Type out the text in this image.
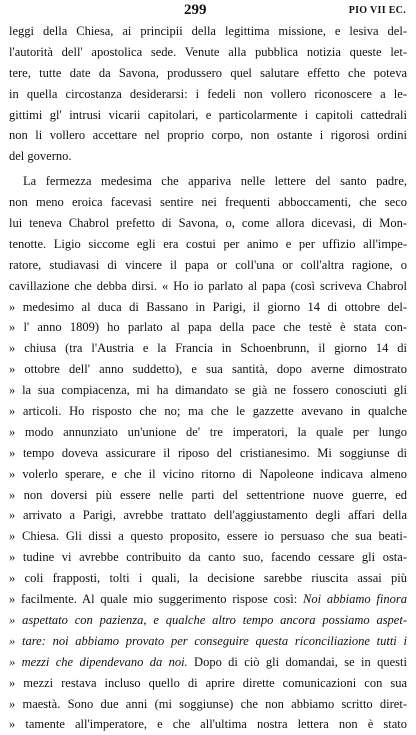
299	PIO VII EC.
leggi della Chiesa, ai principii della legittima missione, e lesiva del-
l'autorità dell' apostolica sede. Venute alla pubblica notizia queste let-
tere, tutte date da Savona, produssero quel salutare effetto che poteva
in quella circostanza desiderarsi: i fedeli non vollero riconoscere a le-
gittimi gl' intrusi vicarii capitolari, e particolarmente i capitoli cattedrali
non li vollero accettare nel proprio corpo, non ostante i rigorosi ordini
del governo.
La fermezza medesima che appariva nelle lettere del santo padre,
non meno eroica facevasi sentire nei frequenti abboccamenti, che seco
lui teneva Chabrol prefetto di Savona, o, come allora dicevasi, di Mon-
tenotte. Ligio siccome egli era costui per animo e per uffizio all'impe-
ratore, studiavasi di vincere il papa or coll'una or coll'altra ragione, o
cavillazione che debba dirsi. « Ho io parlato al papa (così scriveva Chabrol
» medesimo al duca di Bassano in Parigi, il giorno 14 di ottobre del-
» l' anno 1809) ho parlato al papa della pace che testè è stata con-
» chiusa (tra l'Austria e la Francia in Schoenbrunn, il giorno 14 di
» ottobre dell' anno suddetto), e sua santità, dopo averne dimostrato
» la sua compiacenza, mi ha dimandato se già ne fossero conosciuti gli
» articoli. Ho risposto che no; ma che le gazzette avevano in qualche
» modo annunziato un'unione de' tre imperatori, la quale per lungo
» tempo doveva assicurare il riposo del cristianesimo. Mi soggiunse di
» volerlo sperare, e che il vicino ritorno di Napoleone indicava almeno
» non doversi più essere nelle parti del settentrione nuove guerre, ed
» arrivato a Parigi, avrebbe trattato dell'aggiustamento degli affari della
» Chiesa. Gli dissi a questo proposito, essere io persuaso che sua beati-
» tudine vi avrebbe contribuito da canto suo, facendo cessare gli osta-
» coli frapposti, tolti i quali, la decisione sarebbe riuscita assai più
» facilmente. Al quale mio suggerimento rispose così: Noi abbiamo finora
» aspettato con pazienza, e qualche altro tempo ancora possiamo aspet-
» tare: noi abbiamo provato per conseguire questa riconciliazione tutti i
» mezzi che dipendevano da noi. Dopo di ciò gli domandai, se in questi
» mezzi restava incluso quello di aprire dirette comunicazioni con sua
» maestà. Sono due anni (mi soggiunse) che non abbiamo scritto diret-
» tamente all'imperatore, e che all'ultima nostra lettera non è stato
